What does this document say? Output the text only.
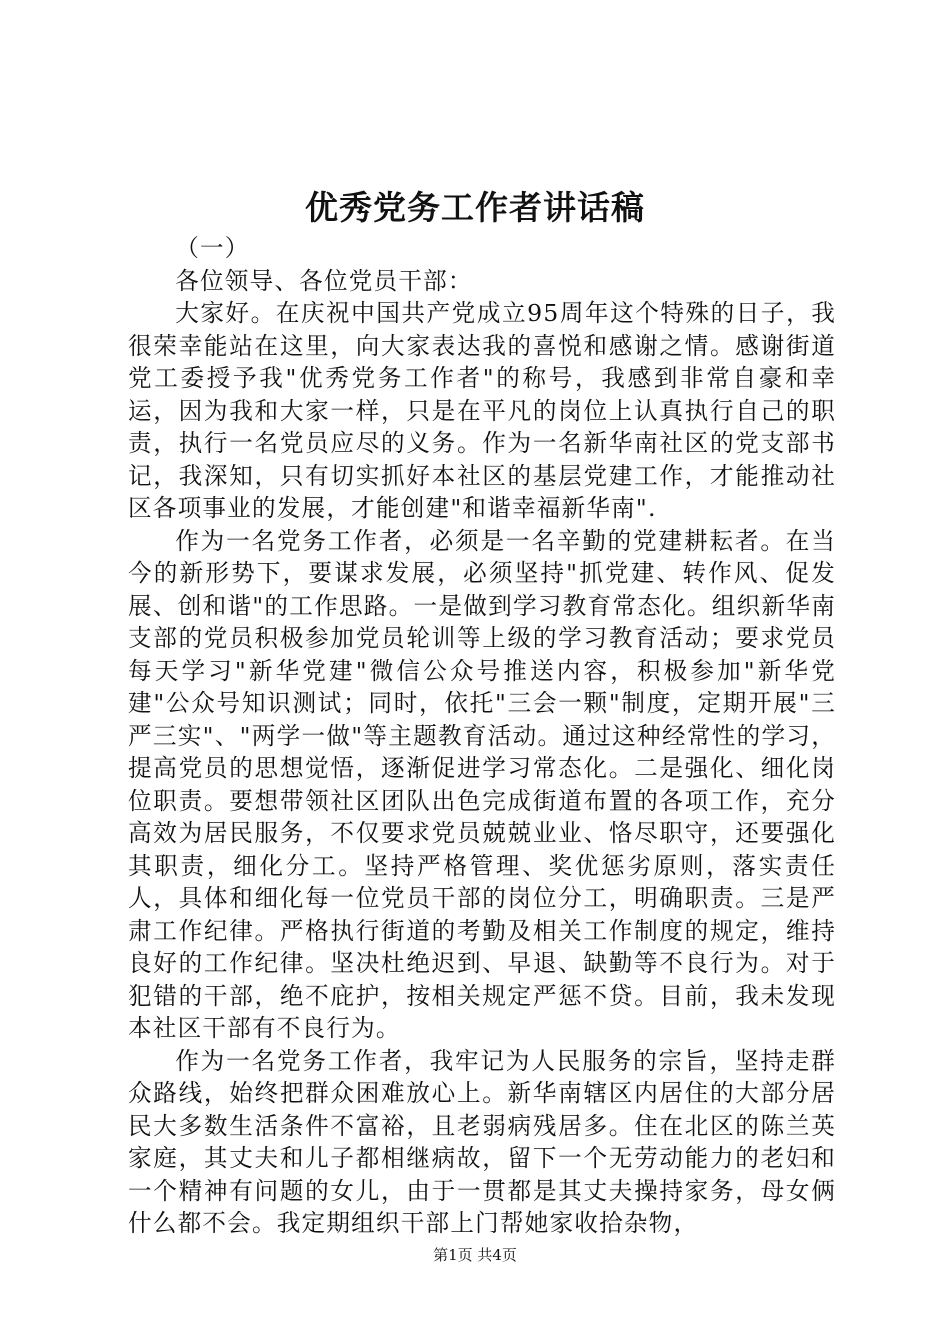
优秀党务工作者讲话稿

（一）

各位领导、各位党员干部：

大家好。在庆祝中国共产党成立95周年这个特殊的日子，我很荣幸能站在这里，向大家表达我的喜悦和感谢之情。感谢街道党工委授予我"优秀党务工作者"的称号，我感到非常自豪和幸运，因为我和大家一样，只是在平凡的岗位上认真执行自己的职责，执行一名党员应尽的义务。作为一名新华南社区的党支部书记，我深知，只有切实抓好本社区的基层党建工作，才能推动社区各项事业的发展，才能创建"和谐幸福新华南".

作为一名党务工作者，必须是一名辛勤的党建耕耘者。在当今的新形势下，要谋求发展，必须坚持"抓党建、转作风、促发展、创和谐"的工作思路。一是做到学习教育常态化。组织新华南支部的党员积极参加党员轮训等上级的学习教育活动；要求党员每天学习"新华党建"微信公众号推送内容，积极参加"新华党建"公众号知识测试；同时，依托"三会一颗"制度，定期开展"三严三实"、"两学一做"等主题教育活动。通过这种经常性的学习，提高党员的思想觉悟，逐渐促进学习常态化。二是强化、细化岗位职责。要想带领社区团队出色完成街道布置的各项工作，充分高效为居民服务，不仅要求党员兢兢业业、恪尽职守，还要强化其职责，细化分工。坚持严格管理、奖优惩劣原则，落实责任人，具体和细化每一位党员干部的岗位分工，明确职责。三是严肃工作纪律。严格执行街道的考勤及相关工作制度的规定，维持良好的工作纪律。坚决杜绝迟到、早退、缺勤等不良行为。对于犯错的干部，绝不庇护，按相关规定严惩不贷。目前，我未发现本社区干部有不良行为。

作为一名党务工作者，我牢记为人民服务的宗旨，坚持走群众路线，始终把群众困难放心上。新华南辖区内居住的大部分居民大多数生活条件不富裕，且老弱病残居多。住在北区的陈兰英家庭，其丈夫和儿子都相继病故，留下一个无劳动能力的老妇和一个精神有问题的女儿，由于一贯都是其丈夫操持家务，母女俩什么都不会。我定期组织干部上门帮她家收拾杂物，

第1页 共4页
